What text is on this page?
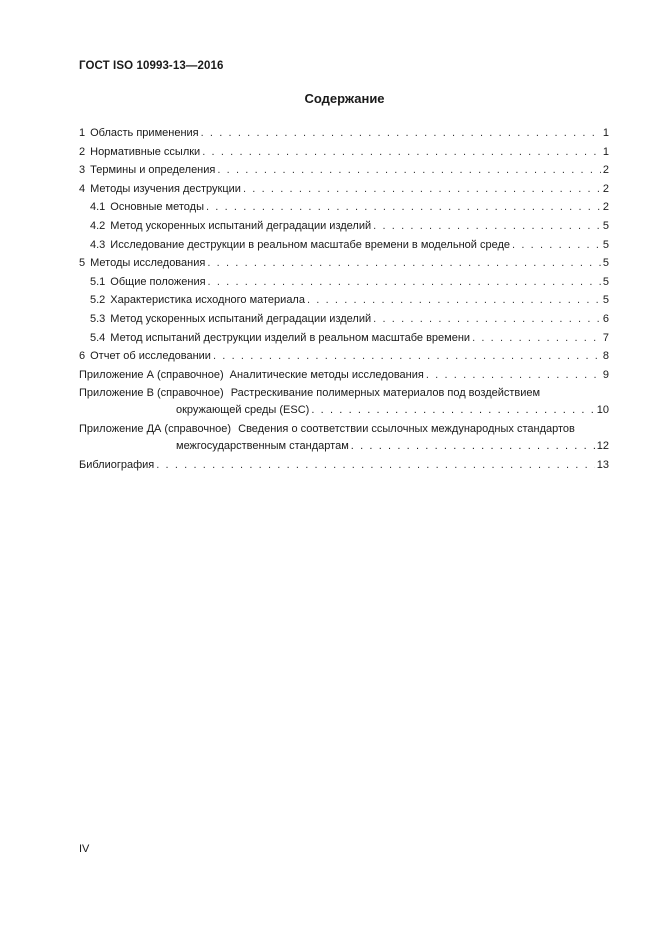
ГОСТ ISO 10993-13—2016
Содержание
1 Область применения . . .	1
2 Нормативные ссылки . . .	1
3 Термины и определения . . .	2
4 Методы изучения деструкции . . .	2
4.1 Основные методы . . .	2
4.2 Метод ускоренных испытаний деградации изделий . . .	5
4.3 Исследование деструкции в реальном масштабе времени в модельной среде . . .	5
5 Методы исследования . . .	5
5.1 Общие положения . . .	5
5.2 Характеристика исходного материала . . .	5
5.3 Метод ускоренных испытаний деградации изделий . . .	6
5.4 Метод испытаний деструкции изделий в реальном масштабе времени . . .	7
6 Отчет об исследовании . . .	8
Приложение А (справочное) Аналитические методы исследования . . .	9
Приложение В (справочное) Растрескивание полимерных материалов под воздействием
окружающей среды (ESC) . . .	10
Приложение ДА (справочное) Сведения о соответствии ссылочных международных стандартов
межгосударственным стандартам . . .	12
Библиография . . .	13
IV
